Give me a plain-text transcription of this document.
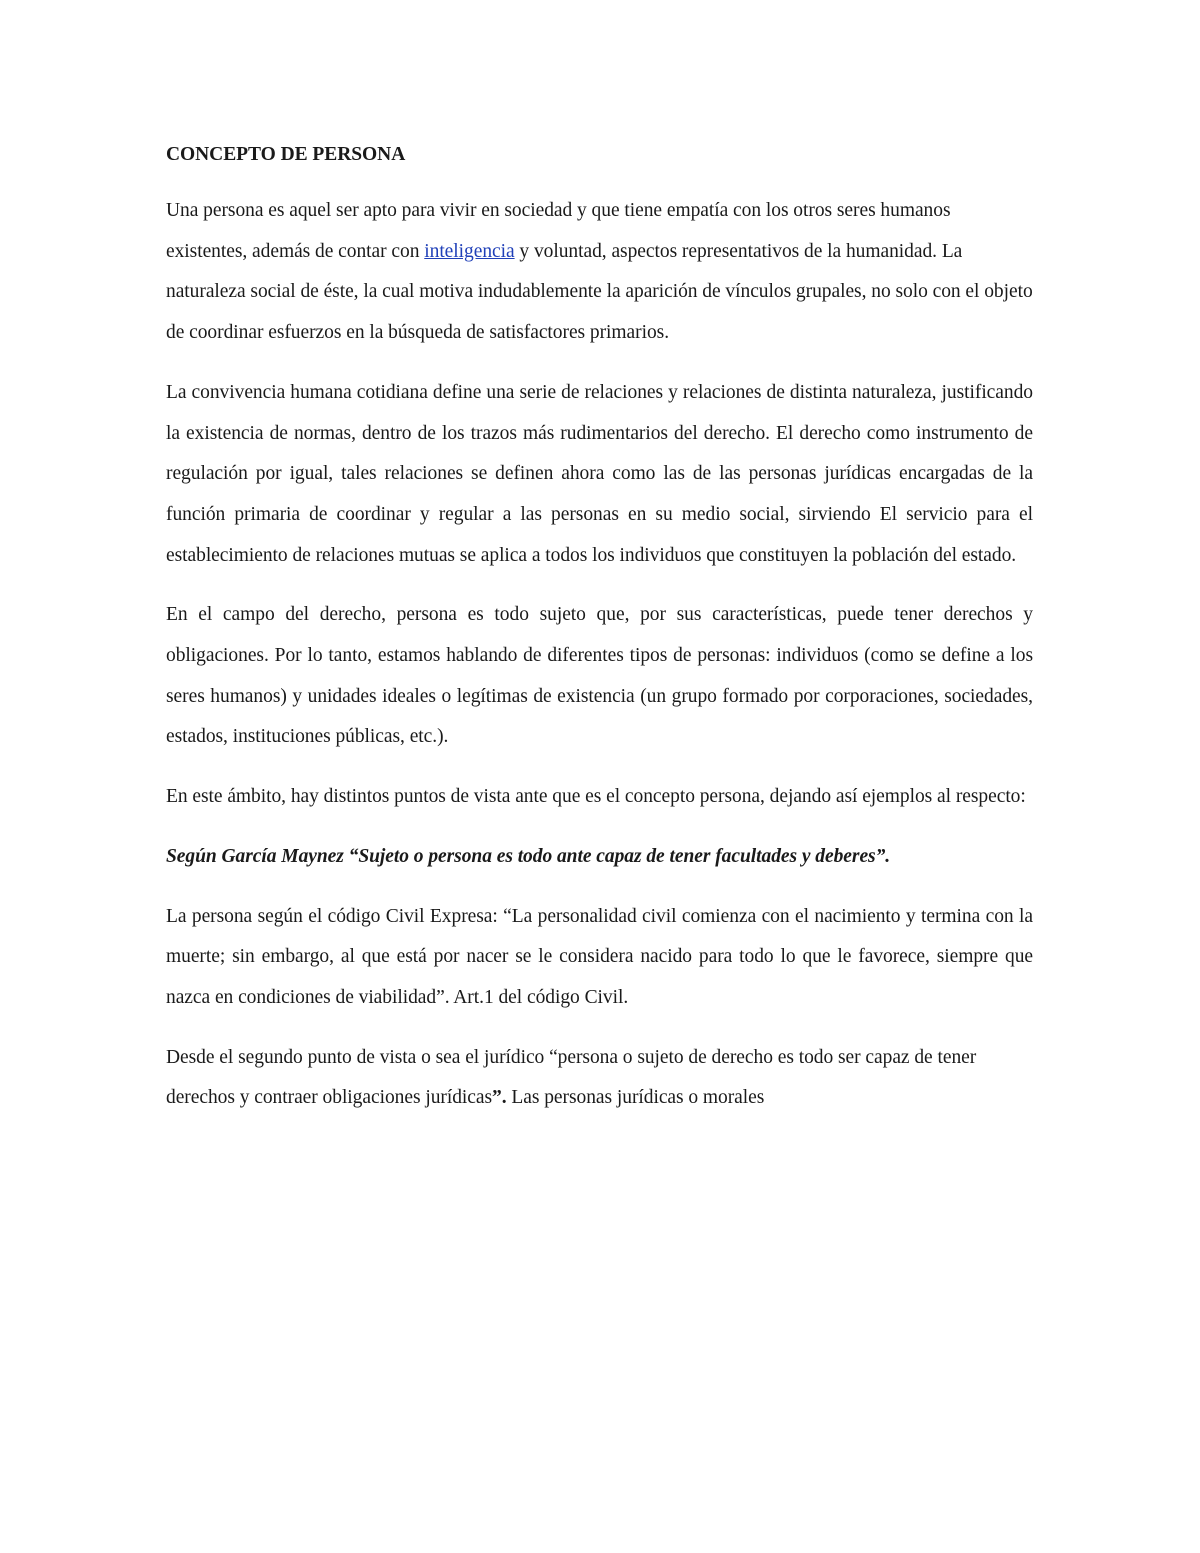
CONCEPTO DE PERSONA

Una persona es aquel ser apto para vivir en sociedad y que tiene empatía con los otros seres humanos existentes, además de contar con inteligencia y voluntad, aspectos representativos de la humanidad. La naturaleza social de éste, la cual motiva indudablemente la aparición de vínculos grupales, no solo con el objeto de coordinar esfuerzos en la búsqueda de satisfactores primarios.

La convivencia humana cotidiana define una serie de relaciones y relaciones de distinta naturaleza, justificando la existencia de normas, dentro de los trazos más rudimentarios del derecho. El derecho como instrumento de regulación por igual, tales relaciones se definen ahora como las de las personas jurídicas encargadas de la función primaria de coordinar y regular a las personas en su medio social, sirviendo El servicio para el establecimiento de relaciones mutuas se aplica a todos los individuos que constituyen la población del estado.

En el campo del derecho, persona es todo sujeto que, por sus características, puede tener derechos y obligaciones. Por lo tanto, estamos hablando de diferentes tipos de personas: individuos (como se define a los seres humanos) y unidades ideales o legítimas de existencia (un grupo formado por corporaciones, sociedades, estados, instituciones públicas, etc.).

En este ámbito, hay distintos puntos de vista ante que es el concepto persona, dejando así ejemplos al respecto:

Según García Maynez “Sujeto o persona es todo ante capaz de tener facultades y deberes”.

La persona según el código Civil Expresa: “La personalidad civil comienza con el nacimiento y termina con la muerte; sin embargo, al que está por nacer se le considera nacido para todo lo que le favorece, siempre que nazca en condiciones de viabilidad”. Art.1 del código Civil.

Desde el segundo punto de vista o sea el jurídico “persona o sujeto de derecho es todo ser capaz de tener derechos y contraer obligaciones jurídicas”. Las personas jurídicas o morales
